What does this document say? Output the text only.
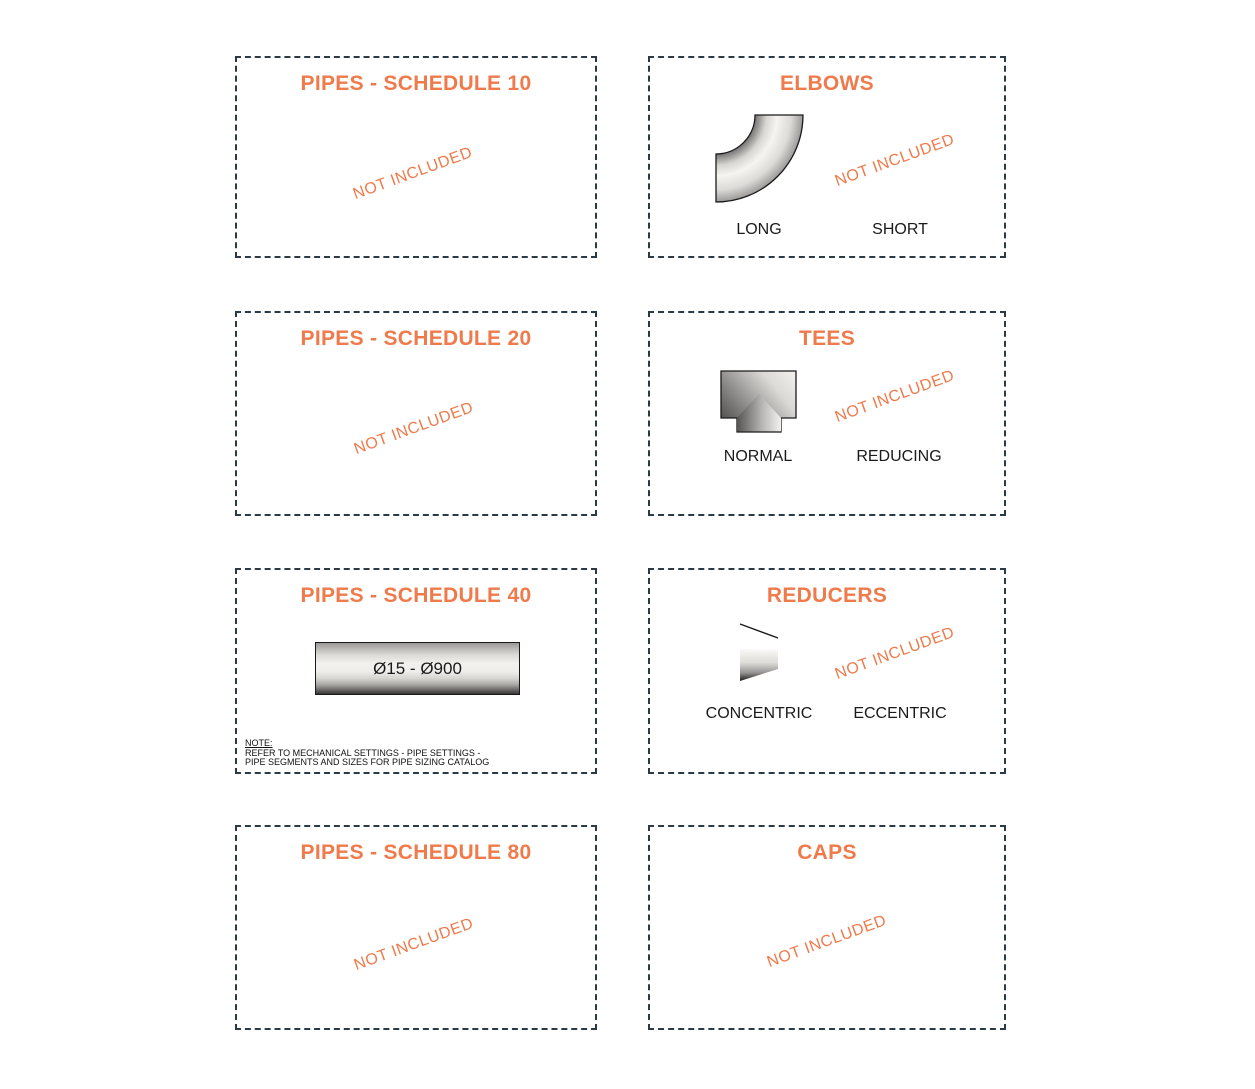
PIPES - SCHEDULE 10
NOT INCLUDED
ELBOWS
NOT INCLUDED
LONG	SHORT
PIPES - SCHEDULE 20
NOT INCLUDED
TEES
NOT INCLUDED
NORMAL	REDUCING
PIPES - SCHEDULE 40
Ø15 - Ø900
NOTE:
REFER TO MECHANICAL SETTINGS - PIPE SETTINGS -
PIPE SEGMENTS AND SIZES FOR PIPE SIZING CATALOG
REDUCERS
NOT INCLUDED
CONCENTRIC	ECCENTRIC
PIPES - SCHEDULE 80
NOT INCLUDED
CAPS
NOT INCLUDED
